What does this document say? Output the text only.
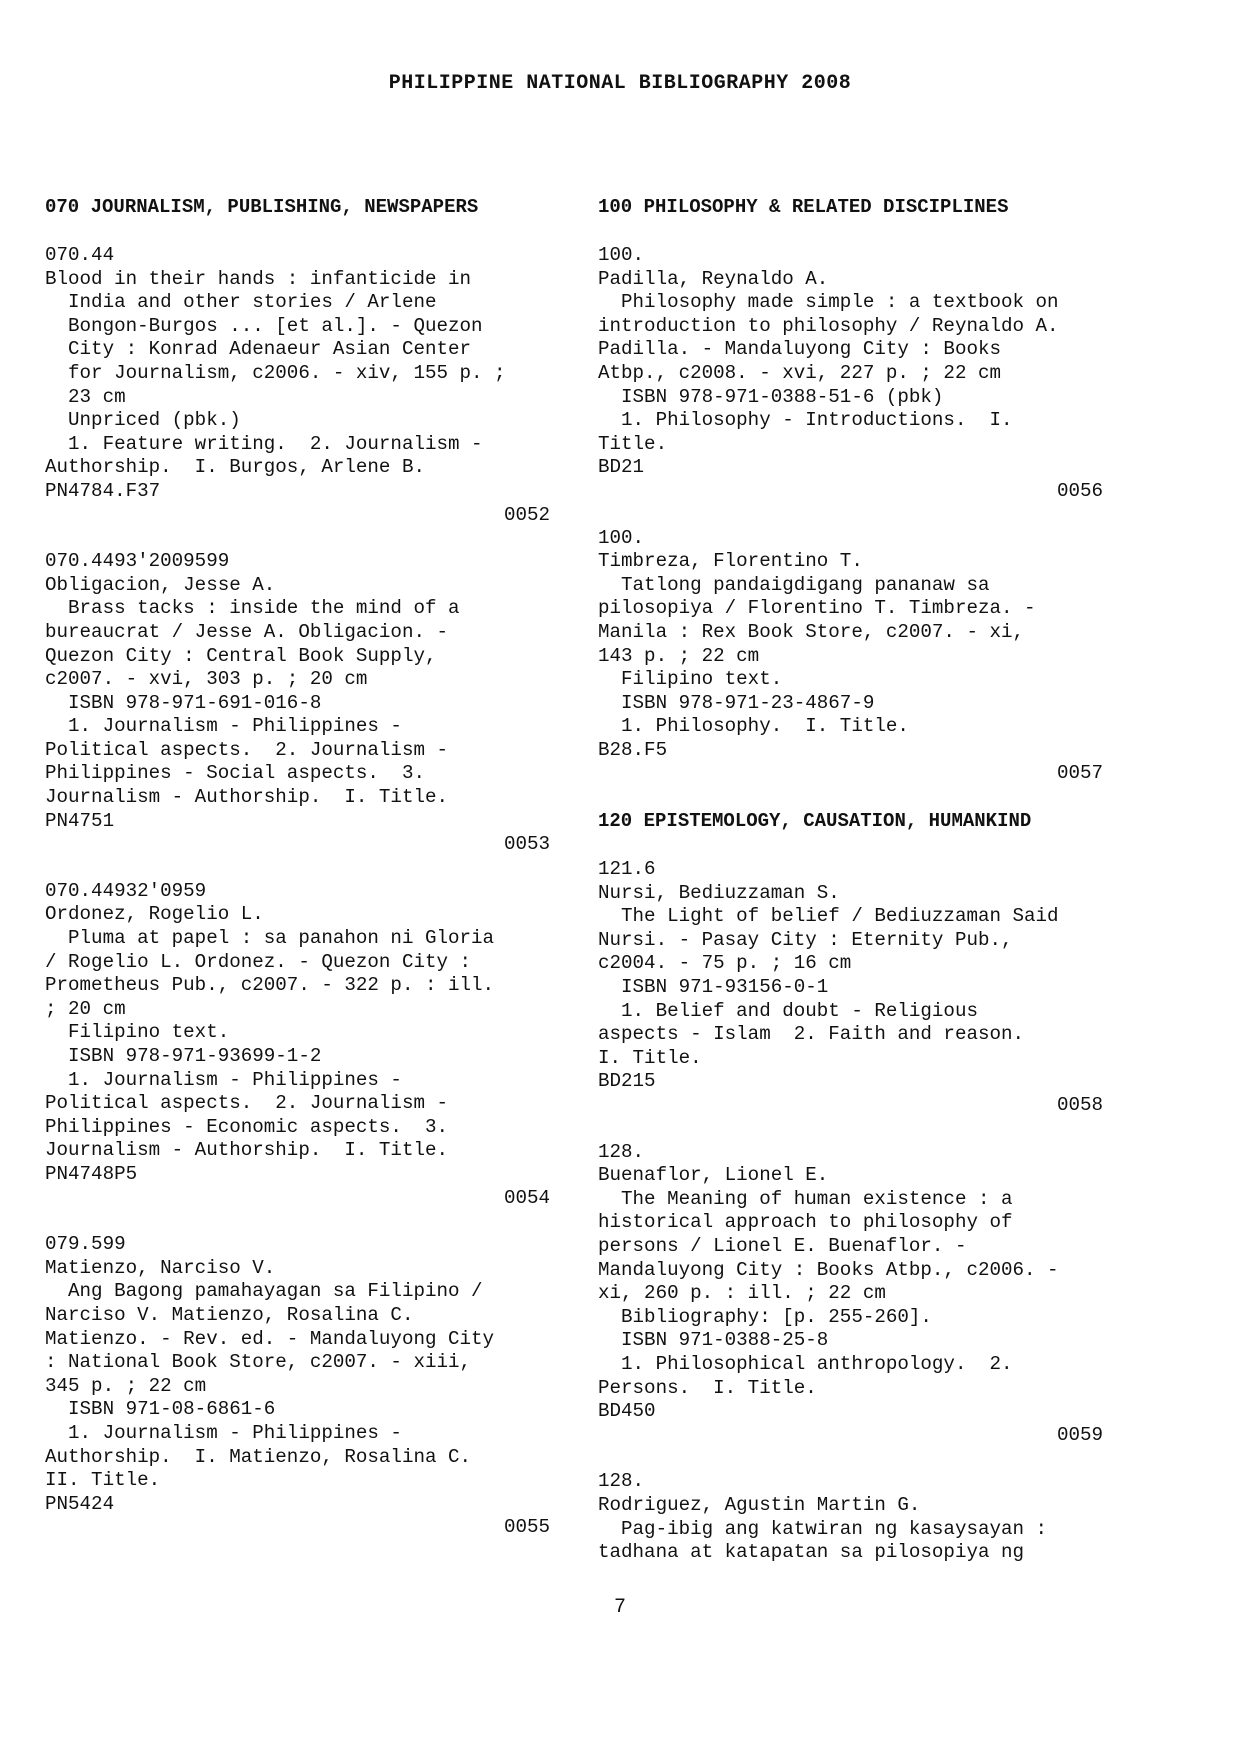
PHILIPPINE NATIONAL BIBLIOGRAPHY 2008
070 JOURNALISM, PUBLISHING, NEWSPAPERS
070.44
Blood in their hands : infanticide in
India and other stories / Arlene
Bongon-Burgos ... [et al.]. - Quezon
City : Konrad Adenaeur Asian Center
for Journalism, c2006. - xiv, 155 p. ;
23 cm
Unpriced (pbk.)
1. Feature writing.  2. Journalism -
Authorship.  I. Burgos, Arlene B.
PN4784.F37
0052
070.4493'2009599
Obligacion, Jesse A.
Brass tacks : inside the mind of a
bureaucrat / Jesse A. Obligacion. -
Quezon City : Central Book Supply,
c2007. - xvi, 303 p. ; 20 cm
ISBN 978-971-691-016-8
1. Journalism - Philippines -
Political aspects.  2. Journalism -
Philippines - Social aspects.  3.
Journalism - Authorship.  I. Title.
PN4751
0053
070.44932'0959
Ordonez, Rogelio L.
Pluma at papel : sa panahon ni Gloria
/ Rogelio L. Ordonez. - Quezon City :
Prometheus Pub., c2007. - 322 p. : ill.
; 20 cm
Filipino text.
ISBN 978-971-93699-1-2
1. Journalism - Philippines -
Political aspects.  2. Journalism -
Philippines - Economic aspects.  3.
Journalism - Authorship.  I. Title.
PN4748P5
0054
079.599
Matienzo, Narciso V.
Ang Bagong pamahayagan sa Filipino /
Narciso V. Matienzo, Rosalina C.
Matienzo. - Rev. ed. - Mandaluyong City
: National Book Store, c2007. - xiii,
345 p. ; 22 cm
ISBN 971-08-6861-6
1. Journalism - Philippines -
Authorship.  I. Matienzo, Rosalina C.
II. Title.
PN5424
0055
100 PHILOSOPHY & RELATED DISCIPLINES
100.
Padilla, Reynaldo A.
Philosophy made simple : a textbook on
introduction to philosophy / Reynaldo A.
Padilla. - Mandaluyong City : Books
Atbp., c2008. - xvi, 227 p. ; 22 cm
ISBN 978-971-0388-51-6 (pbk)
1. Philosophy - Introductions.  I.
Title.
BD21
0056
100.
Timbreza, Florentino T.
Tatlong pandaigdigang pananaw sa
pilosopiya / Florentino T. Timbreza. -
Manila : Rex Book Store, c2007. - xi,
143 p. ; 22 cm
Filipino text.
ISBN 978-971-23-4867-9
1. Philosophy.  I. Title.
B28.F5
0057
120 EPISTEMOLOGY, CAUSATION, HUMANKIND
121.6
Nursi, Bediuzzaman S.
The Light of belief / Bediuzzaman Said
Nursi. - Pasay City : Eternity Pub.,
c2004. - 75 p. ; 16 cm
ISBN 971-93156-0-1
1. Belief and doubt - Religious
aspects - Islam  2. Faith and reason.
I. Title.
BD215
0058
128.
Buenaflor, Lionel E.
The Meaning of human existence : a
historical approach to philosophy of
persons / Lionel E. Buenaflor. -
Mandaluyong City : Books Atbp., c2006. -
xi, 260 p. : ill. ; 22 cm
Bibliography: [p. 255-260].
ISBN 971-0388-25-8
1. Philosophical anthropology.  2.
Persons.  I. Title.
BD450
0059
128.
Rodriguez, Agustin Martin G.
Pag-ibig ang katwiran ng kasaysayan :
tadhana at katapatan sa pilosopiya ng
7
